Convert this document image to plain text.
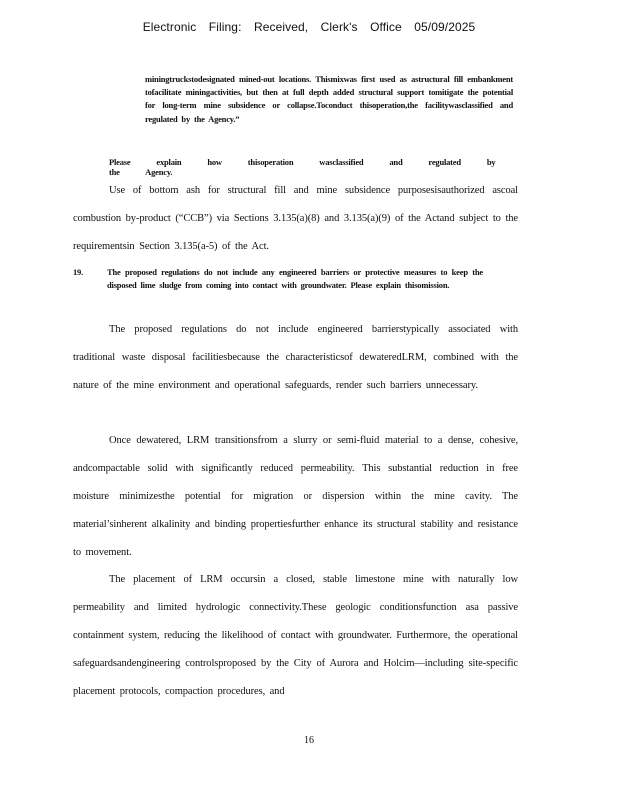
Electronic Filing: Received, Clerk's Office 05/09/2025
miningtruckstodesignated mined-out locations. Thismixwas first used as astructural fill embankment tofacilitate miningactivities, but then at full depth added structural support tomitigate the potential for long-term mine subsidence or collapse.Toconduct thisoperation,the facilitywasclassified and regulated by the Agency.”
Please explain how thisoperation wasclassified and regulated by the Agency.
Use of bottom ash for structural fill and mine subsidence purposesisauthorized ascoal combustion by-product (“CCB”) via Sections 3.135(a)(8) and 3.135(a)(9) of the Actand subject to the requirementsin Section 3.135(a-5) of the Act.
19.	The proposed regulations do not include any engineered barriers or protective measures to keep the disposed lime sludge from coming into contact with groundwater. Please explain thisomission.
The proposed regulations do not include engineered barrierstypically associated with traditional waste disposal facilitiesbecause the characteristicsof dewateredLRM, combined with the nature of the mine environment and operational safeguards, render such barriers unnecessary.
Once dewatered, LRM transitionsfrom a slurry or semi-fluid material to a dense, cohesive, andcompactable solid with significantly reduced permeability. This substantial reduction in free moisture minimizesthe potential for migration or dispersion within the mine cavity. The material’sinherent alkalinity and binding propertiesfurther enhance its structural stability and resistance to movement.
The placement of LRM occursin a closed, stable limestone mine with naturally low permeability and limited hydrologic connectivity.These geologic conditionsfunction asa passive containment system, reducing the likelihood of contact with groundwater. Furthermore, the operational safeguardsandengineering controlsproposed by the City of Aurora and Holcim—including site-specific placement protocols, compaction procedures, and
16
